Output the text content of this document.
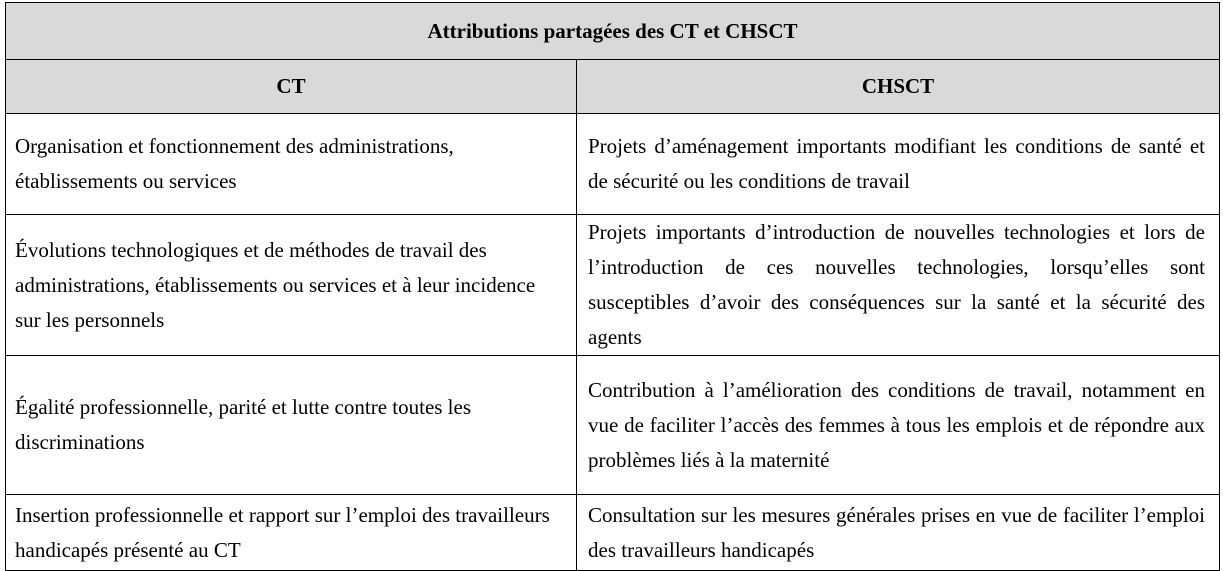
Attributions partagées des CT et CHSCT	
CT	CHSCT
Organisation et fonctionnement des administrations, établissements ou services	Projets d’aménagement importants modifiant les conditions de santé et de sécurité ou les conditions de travail
Évolutions technologiques et de méthodes de travail des administrations, établissements ou services et à leur incidence sur les personnels	Projets importants d’introduction de nouvelles technologies et lors de l’introduction de ces nouvelles technologies, lorsqu’elles sont susceptibles d’avoir des conséquences sur la santé et la sécurité des agents
Égalité professionnelle, parité et lutte contre toutes les discriminations	Contribution à l’amélioration des conditions de travail, notamment en vue de faciliter l’accès des femmes à tous les emplois et de répondre aux problèmes liés à la maternité
Insertion professionnelle et rapport sur l’emploi des travailleurs handicapés présenté au CT	Consultation sur les mesures générales prises en vue de faciliter l’emploi des travailleurs handicapés
